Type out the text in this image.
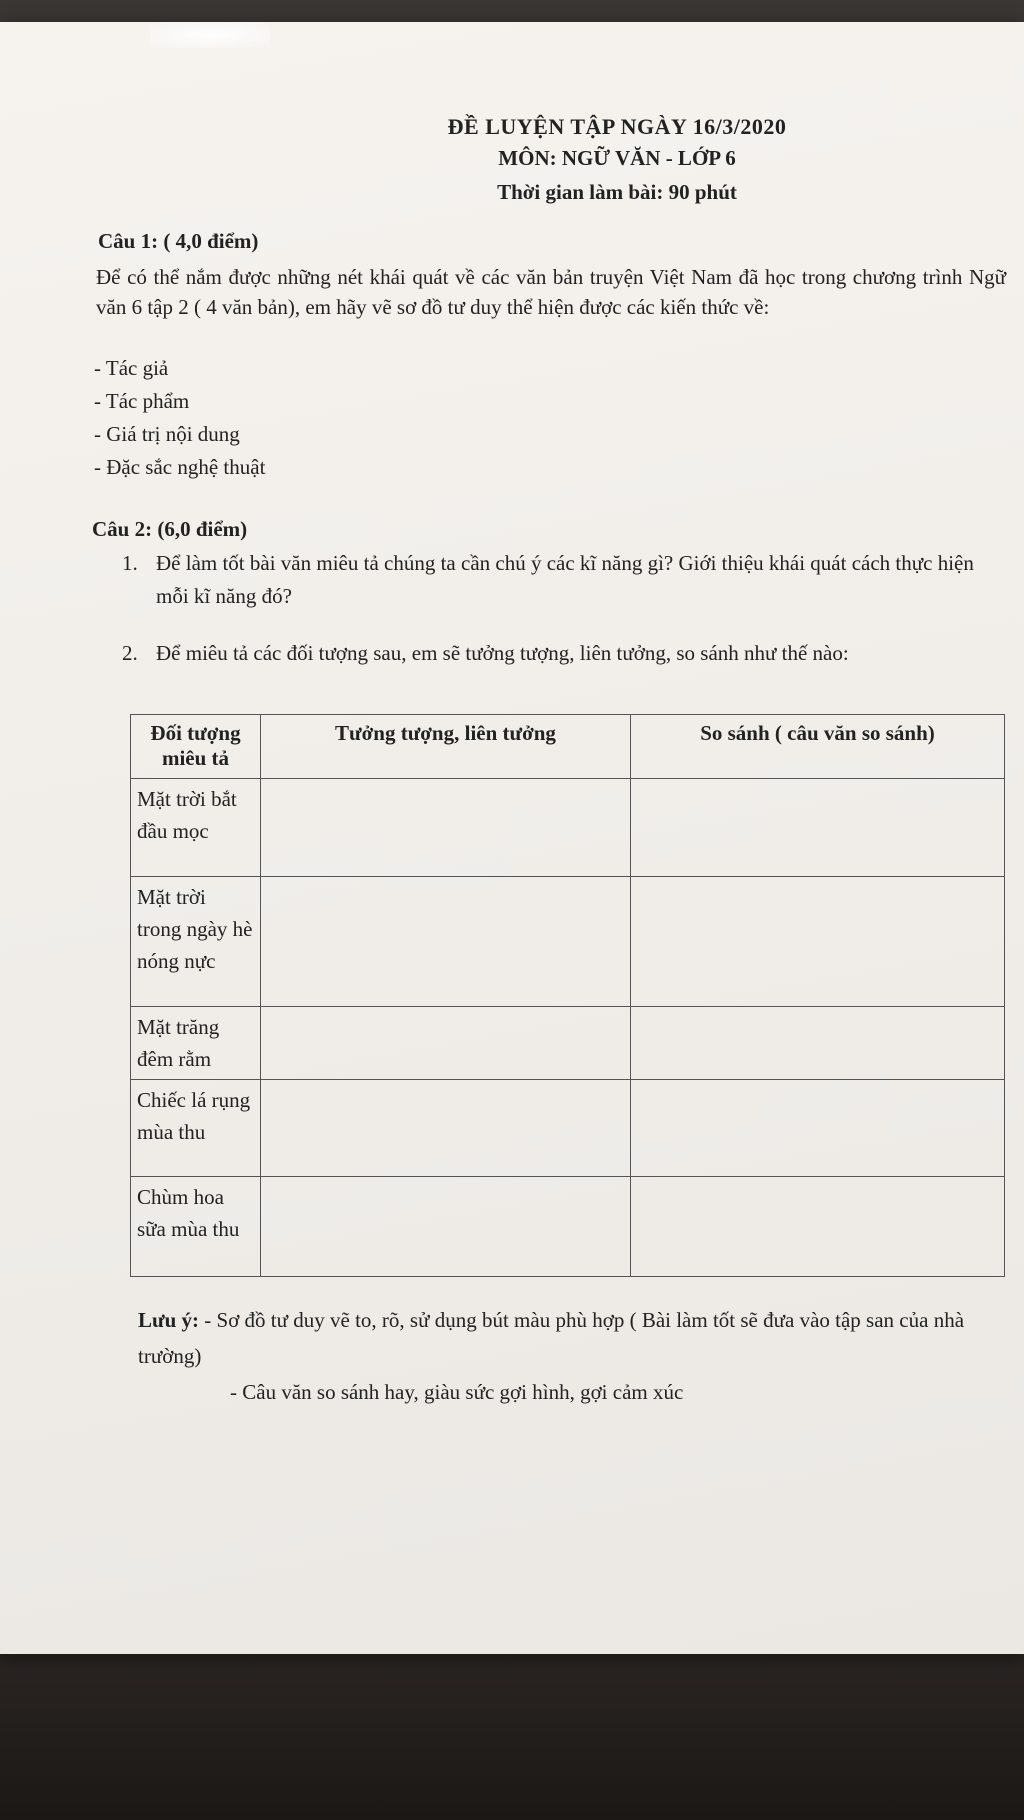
ĐỀ LUYỆN TẬP NGÀY 16/3/2020
MÔN: NGỮ VĂN - LỚP 6
Thời gian làm bài: 90 phút
Câu 1: ( 4,0 điểm)
Để có thể nắm được những nét khái quát về các văn bản truyện Việt Nam đã học trong chương trình Ngữ văn 6 tập 2 ( 4 văn bản), em hãy vẽ sơ đồ tư duy thể hiện được các kiến thức về:
- Tác giả
- Tác phẩm
- Giá trị nội dung
- Đặc sắc nghệ thuật
Câu 2: (6,0 điểm)
1. Để làm tốt bài văn miêu tả chúng ta cần chú ý các kĩ năng gì? Giới thiệu khái quát cách thực hiện mỗi kĩ năng đó?
2. Để miêu tả các đối tượng sau, em sẽ tưởng tượng, liên tưởng, so sánh như thế nào:
Đối tượng miêu tả	Tưởng tượng, liên tưởng	So sánh ( câu văn so sánh)
Mặt trời bắt đầu mọc		
Mặt trời trong ngày hè nóng nực		
Mặt trăng đêm rằm		
Chiếc lá rụng mùa thu		
Chùm hoa sữa mùa thu		
Lưu ý: - Sơ đồ tư duy vẽ to, rõ, sử dụng bút màu phù hợp ( Bài làm tốt sẽ đưa vào tập san của nhà trường)
- Câu văn so sánh hay, giàu sức gợi hình, gợi cảm xúc
